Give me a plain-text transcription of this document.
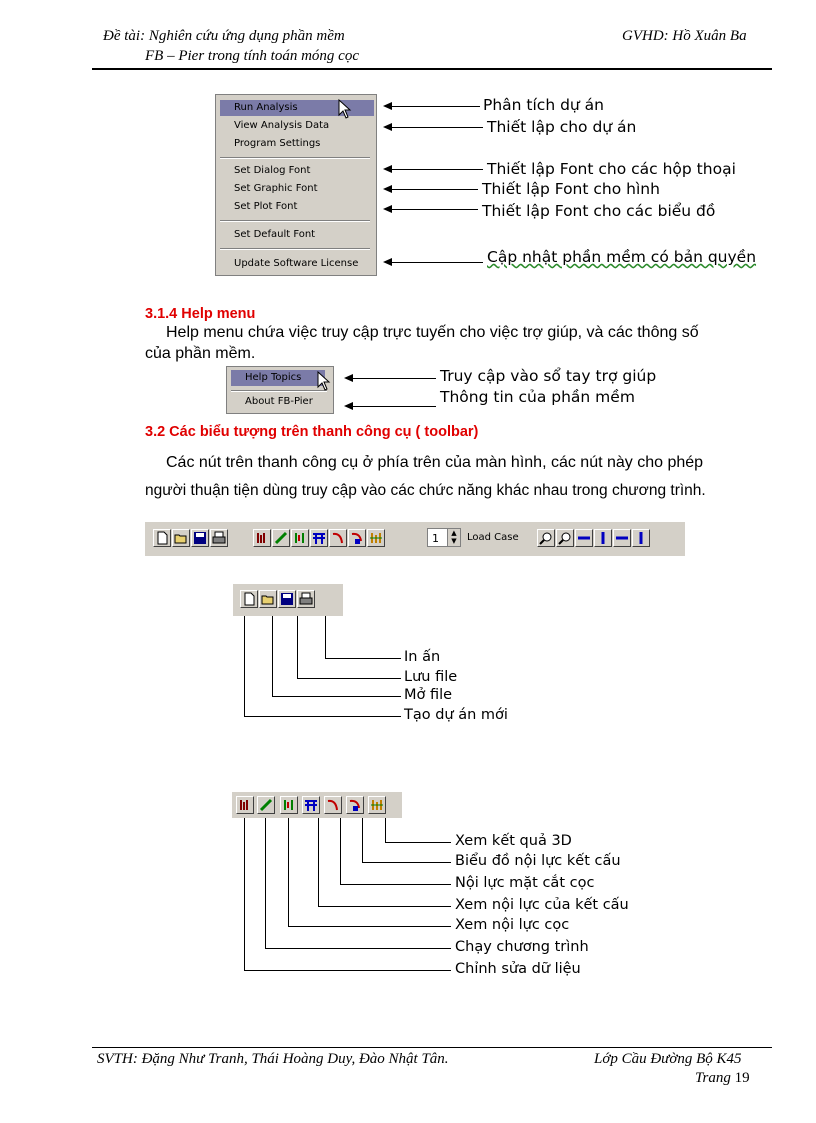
Đề tài: Nghiên cứu ứng dụng phần mềm
FB – Pier trong tính toán móng cọc
GVHD: Hồ Xuân Ba
Run Analysis
View Analysis Data
Program Settings
Set Dialog Font
Set Graphic Font
Set Plot Font
Set Default Font
Update Software License
Phân tích dự án
Thiết lập cho dự án
Thiết lập Font cho các hộp thoại
Thiết lập Font cho hình
Thiết lập Font cho các biểu đồ
Cập nhật phần mềm có bản quyền
3.1.4 Help menu
Help menu chứa việc truy cập trực tuyến cho việc trợ giúp, và các thông số
của phần mềm.
Help Topics
About FB-Pier
Truy cập vào sổ tay trợ giúp
Thông tin của phần mềm
3.2 Các biểu tượng trên thanh công cụ ( toolbar)
Các nút trên thanh công cụ ở phía trên của màn hình, các nút này cho phép
người thuận tiện dùng truy cập vào các chức năng khác nhau trong chương trình.
1	▲
▼	Load Case
In ấn
Lưu file
Mở file
Tạo dự án mới
Xem kết quả 3D
Biểu đồ nội lực kết cấu
Nội lực mặt cắt cọc
Xem nội lực của kết cấu
Xem nội lực cọc
Chạy chương trình
Chỉnh sửa dữ liệu
SVTH: Đặng Như Tranh, Thái Hoàng Duy, Đào Nhật Tân.	Lớp Cầu Đường Bộ K45
Trang 19
